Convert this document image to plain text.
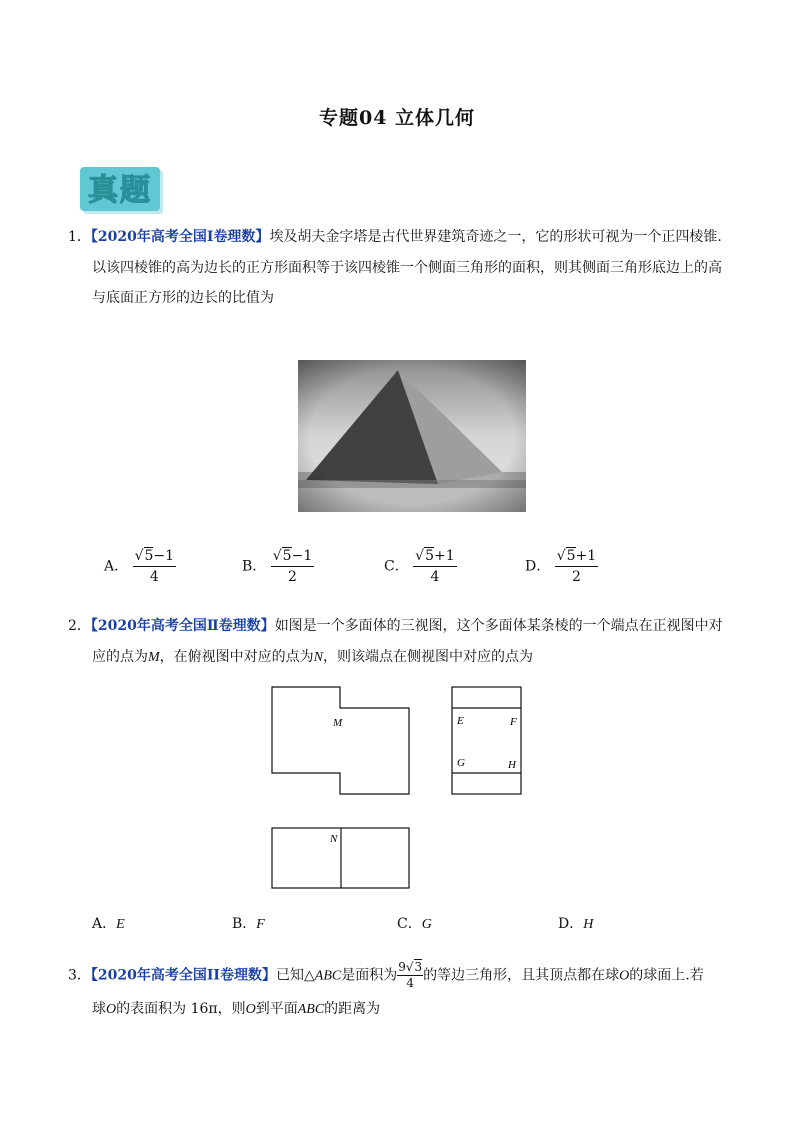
专题04 立体几何
真题
1．【2020年高考全国Ⅰ卷理数】埃及胡夫金字塔是古代世界建筑奇迹之一，它的形状可视为一个正四棱锥.
以该四棱锥的高为边长的正方形面积等于该四棱锥一个侧面三角形的面积，则其侧面三角形底边上的高
与底面正方形的边长的比值为
A． $\frac{√5-1}{4}$	B． $\frac{√5-1}{2}$	C． $\frac{√5+1}{4}$	D． $\frac{√5+1}{2}$
2．【2020年高考全国Ⅱ卷理数】如图是一个多面体的三视图，这个多面体某条棱的一个端点在正视图中对
应的点为M，在俯视图中对应的点为N，则该端点在侧视图中对应的点为
M	E	F
G	H
N
A．E	B．F	C．G	D．H
3．【2020年高考全国II卷理数】已知△ABC是面积为 $\frac{9√3}{4}$ 的等边三角形，且其顶点都在球O的球面上.若
球O的表面积为 16π，则O到平面ABC的距离为
